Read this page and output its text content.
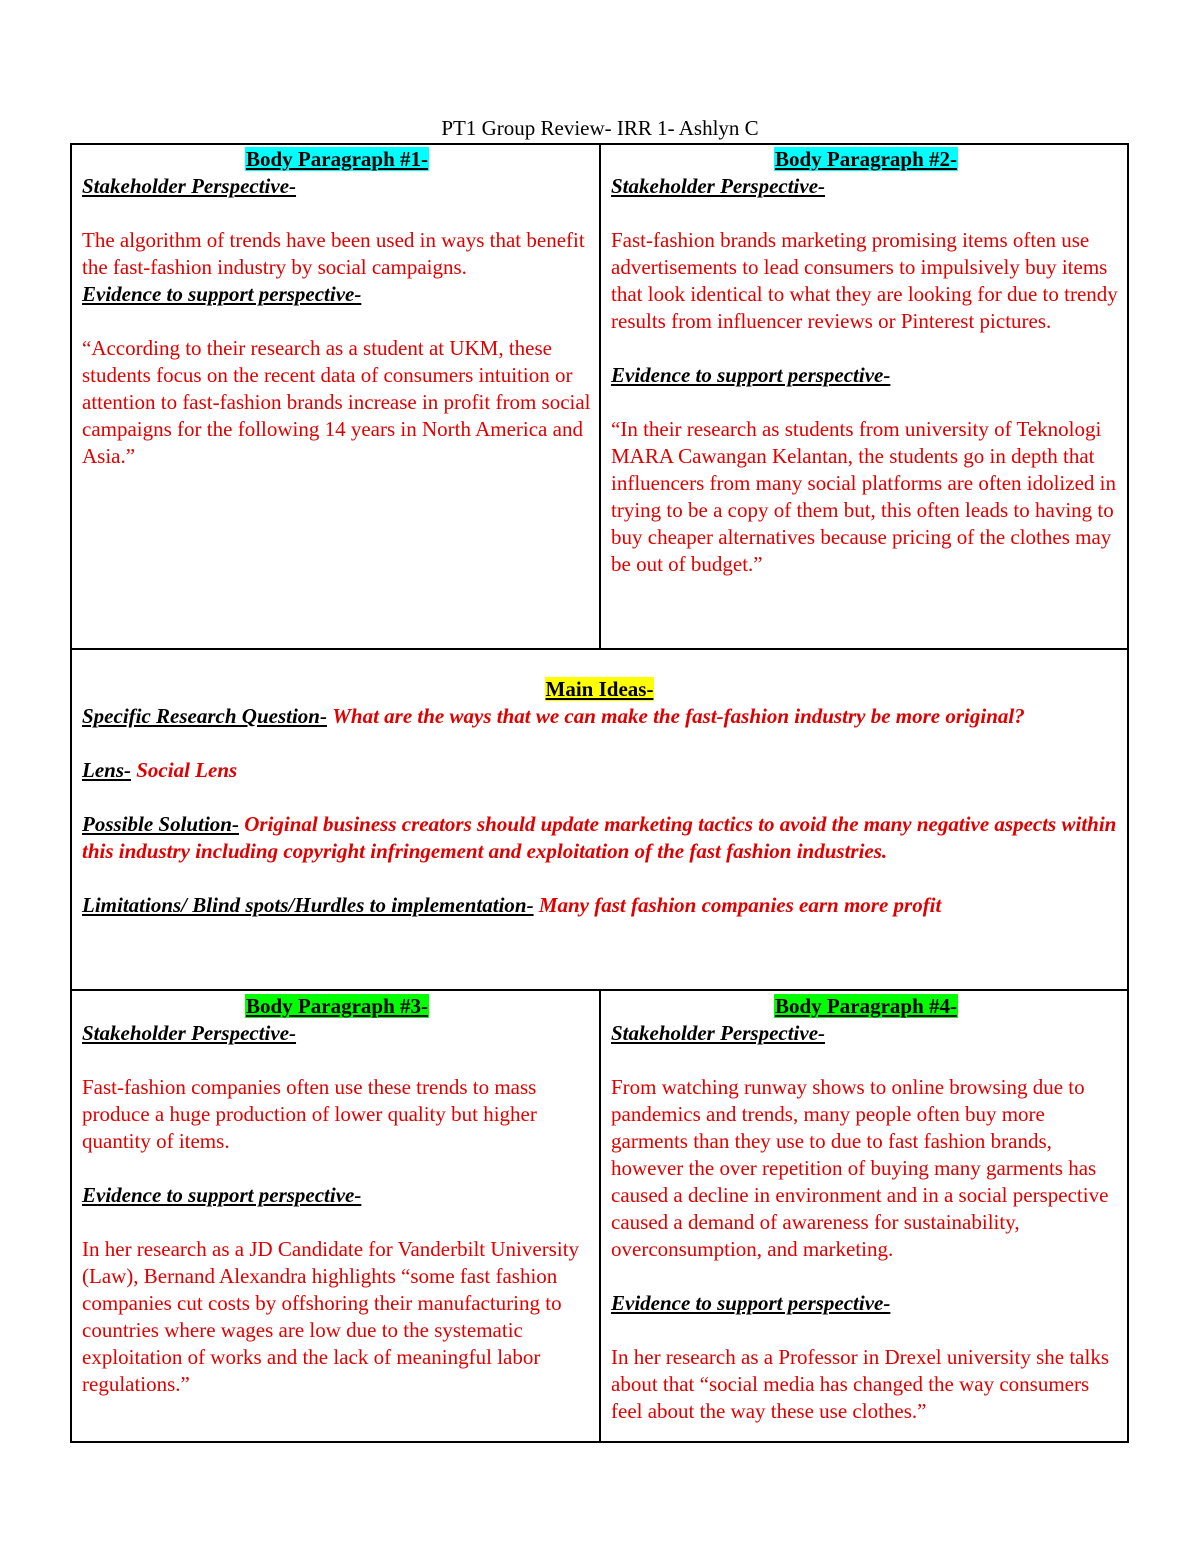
PT1 Group Review- IRR 1- Ashlyn C

Body Paragraph #1-

Stakeholder Perspective-

The algorithm of trends have been used in ways that benefit the fast-fashion industry by social campaigns.

Evidence to support perspective-

“According to their research as a student at UKM, these students focus on the recent data of consumers intuition or attention to fast-fashion brands increase in profit from social campaigns for the following 14 years in North America and Asia.”

Body Paragraph #2-

Stakeholder Perspective-

Fast-fashion brands marketing promising items often use advertisements to lead consumers to impulsively buy items that look identical to what they are looking for due to trendy results from influencer reviews or Pinterest pictures.

Evidence to support perspective-

“In their research as students from university of Teknologi MARA Cawangan Kelantan, the students go in depth that influencers from many social platforms are often idolized in trying to be a copy of them but, this often leads to having to buy cheaper alternatives because pricing of the clothes may be out of budget.”

Main Ideas-

Specific Research Question- What are the ways that we can make the fast-fashion industry be more original?

Lens- Social Lens

Possible Solution- Original business creators should update marketing tactics to avoid the many negative aspects within this industry including copyright infringement and exploitation of the fast fashion industries.

Limitations/ Blind spots/Hurdles to implementation- Many fast fashion companies earn more profit

Body Paragraph #3-

Stakeholder Perspective-

Fast-fashion companies often use these trends to mass produce a huge production of lower quality but higher quantity of items.

Evidence to support perspective-

In her research as a JD Candidate for Vanderbilt University (Law), Bernand Alexandra highlights “some fast fashion companies cut costs by offshoring their manufacturing to countries where wages are low due to the systematic exploitation of works and the lack of meaningful labor regulations.”

Body Paragraph #4-

Stakeholder Perspective-

From watching runway shows to online browsing due to pandemics and trends, many people often buy more garments than they use to due to fast fashion brands, however the over repetition of buying many garments has caused a decline in environment and in a social perspective caused a demand of awareness for sustainability, overconsumption, and marketing.

Evidence to support perspective-

In her research as a Professor in Drexel university she talks about that “social media has changed the way consumers feel about the way these use clothes.”
